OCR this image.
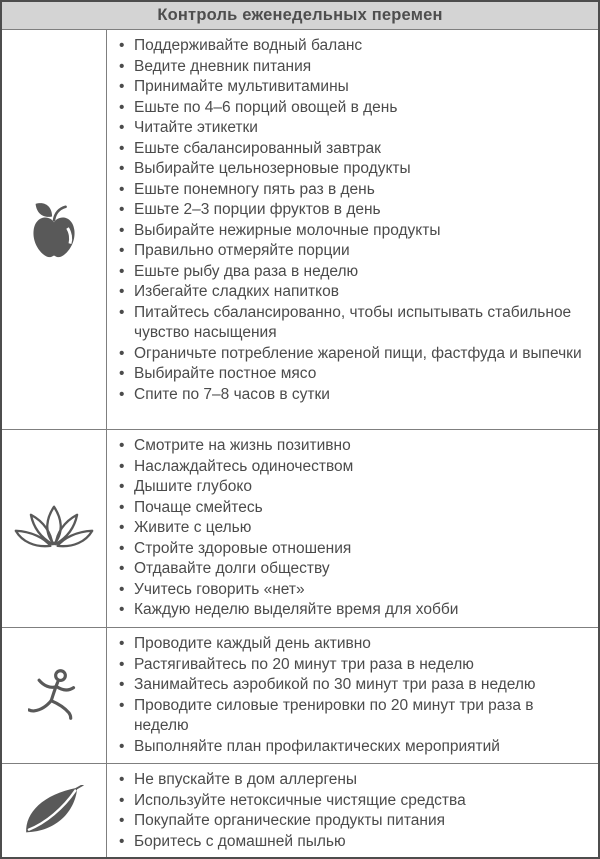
Контроль еженедельных перемен
• Поддерживайте водный баланс
• Ведите дневник питания
• Принимайте мультивитамины
• Ешьте по 4–6 порций овощей в день
• Читайте этикетки
• Ешьте сбалансированный завтрак
• Выбирайте цельнозерновые продукты
• Ешьте понемногу пять раз в день
• Ешьте 2–3 порции фруктов в день
• Выбирайте нежирные молочные продукты
• Правильно отмеряйте порции
• Ешьте рыбу два раза в неделю
• Избегайте сладких напитков
• Питайтесь сбалансированно, чтобы испытывать стабильное чувство насыщения
• Ограничьте потребление жареной пищи, фастфуда и выпечки
• Выбирайте постное мясо
• Спите по 7–8 часов в сутки
• Смотрите на жизнь позитивно
• Наслаждайтесь одиночеством
• Дышите глубоко
• Почаще смейтесь
• Живите с целью
• Стройте здоровые отношения
• Отдавайте долги обществу
• Учитесь говорить «нет»
• Каждую неделю выделяйте время для хобби
• Проводите каждый день активно
• Растягивайтесь по 20 минут три раза в неделю
• Занимайтесь аэробикой по 30 минут три раза в неделю
• Проводите силовые тренировки по 20 минут три раза в неделю
• Выполняйте план профилактических мероприятий
• Не впускайте в дом аллергены
• Используйте нетоксичные чистящие средства
• Покупайте органические продукты питания
• Боритесь с домашней пылью
